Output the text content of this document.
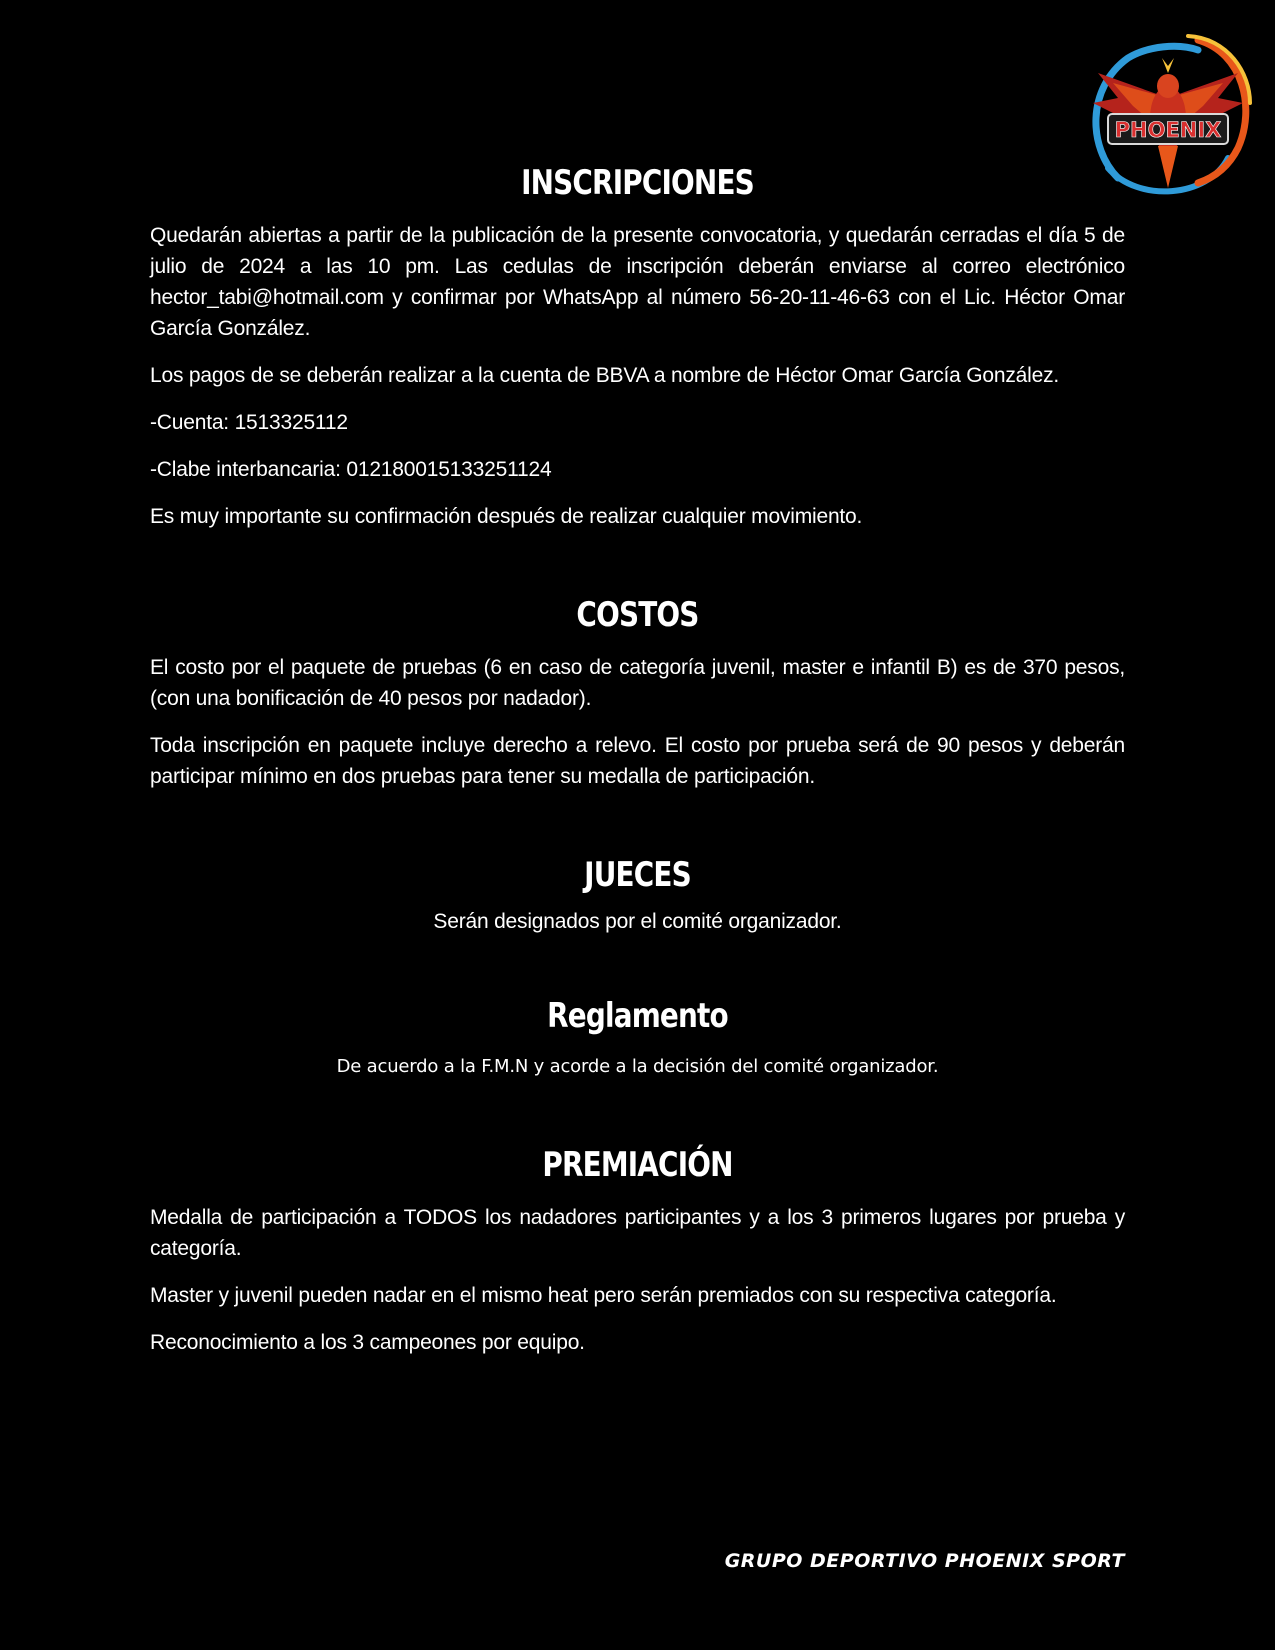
PHOENIX
INSCRIPCIONES

Quedarán abiertas a partir de la publicación de la presente convocatoria, y quedarán cerradas el día 5 de julio de 2024 a las 10 pm. Las cedulas de inscripción deberán enviarse al correo electrónico hector_tabi@hotmail.com y confirmar por WhatsApp al número 56-20-11-46-63 con el Lic. Héctor Omar García González.

Los pagos de se deberán realizar a la cuenta de BBVA a nombre de Héctor Omar García González.

-Cuenta: 1513325112

-Clabe interbancaria: 012180015133251124

Es muy importante su confirmación después de realizar cualquier movimiento.

COSTOS

El costo por el paquete de pruebas (6 en caso de categoría juvenil, master e infantil B) es de 370 pesos, (con una bonificación de 40 pesos por nadador).

Toda inscripción en paquete incluye derecho a relevo. El costo por prueba será de 90 pesos y deberán participar mínimo en dos pruebas para tener su medalla de participación.

JUECES

Serán designados por el comité organizador.

Reglamento

De acuerdo a la F.M.N y acorde a la decisión del comité organizador.

PREMIACIÓN

Medalla de participación a TODOS los nadadores participantes y a los 3 primeros lugares por prueba y categoría.

Master y juvenil pueden nadar en el mismo heat pero serán premiados con su respectiva categoría.

Reconocimiento a los 3 campeones por equipo.

GRUPO DEPORTIVO PHOENIX SPORT
